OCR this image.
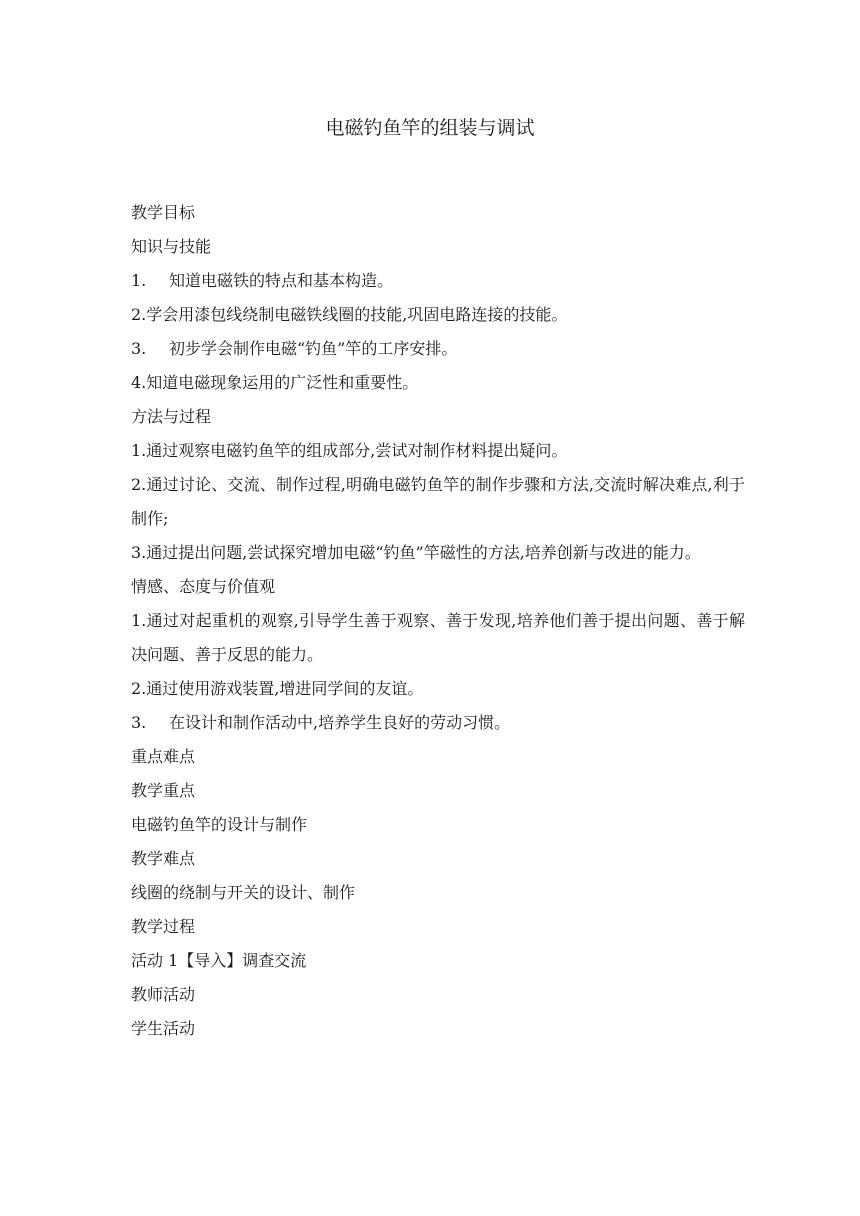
电磁钓鱼竿的组装与调试
教学目标
知识与技能
1. 知道电磁铁的特点和基本构造。
2.学会用漆包线绕制电磁铁线圈的技能,巩固电路连接的技能。
3. 初步学会制作电磁“钓鱼”竿的工序安排。
4.知道电磁现象运用的广泛性和重要性。
方法与过程
1.通过观察电磁钓鱼竿的组成部分,尝试对制作材料提出疑问。
2.通过讨论、交流、制作过程,明确电磁钓鱼竿的制作步骤和方法,交流时解决难点,利于制作;
3.通过提出问题,尝试探究增加电磁“钓鱼”竿磁性的方法,培养创新与改进的能力。
情感、态度与价值观
1.通过对起重机的观察,引导学生善于观察、善于发现,培养他们善于提出问题、善于解决问题、善于反思的能力。
2.通过使用游戏装置,增进同学间的友谊。
3. 在设计和制作活动中,培养学生良好的劳动习惯。
重点难点
教学重点
电磁钓鱼竿的设计与制作
教学难点
线圈的绕制与开关的设计、制作
教学过程
活动 1【导入】调查交流
教师活动
学生活动
